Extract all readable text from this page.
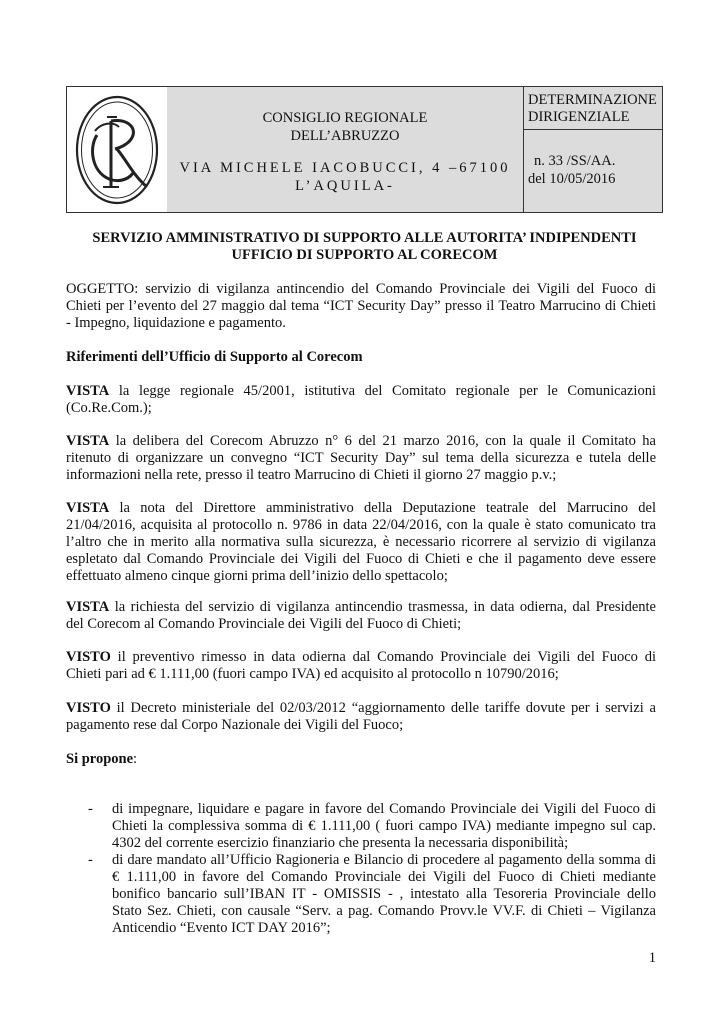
CONSIGLIO REGIONALE
DELL’ABRUZZO
VIA MICHELE IACOBUCCI, 4 –67100
L’AQUILA-
DETERMINAZIONE
DIRIGENZIALE
n. 33 /SS/AA.
del 10/05/2016
SERVIZIO AMMINISTRATIVO DI SUPPORTO ALLE AUTORITA’ INDIPENDENTI
UFFICIO DI SUPPORTO AL CORECOM
OGGETTO: servizio di vigilanza antincendio del Comando Provinciale dei Vigili del Fuoco di
Chieti per l’evento del 27 maggio dal tema “ICT Security Day” presso il Teatro Marrucino di Chieti
- Impegno, liquidazione e pagamento.
Riferimenti dell’Ufficio di Supporto al Corecom
VISTA la legge regionale 45/2001, istitutiva del Comitato regionale per le Comunicazioni
(Co.Re.Com.);
VISTA la delibera del Corecom Abruzzo n° 6 del 21 marzo 2016, con la quale il Comitato ha
ritenuto di organizzare un convegno “ICT Security Day” sul tema della sicurezza e tutela delle
informazioni nella rete, presso il teatro Marrucino di Chieti il giorno 27 maggio p.v.;
VISTA la nota del Direttore amministrativo della Deputazione teatrale del Marrucino del
21/04/2016, acquisita al protocollo n. 9786 in data 22/04/2016, con la quale è stato comunicato tra
l’altro che in merito alla normativa sulla sicurezza, è necessario ricorrere al servizio di vigilanza
espletato dal Comando Provinciale dei Vigili del Fuoco di Chieti e che il pagamento deve essere
effettuato almeno cinque giorni prima dell’inizio dello spettacolo;
VISTA la richiesta del servizio di vigilanza antincendio trasmessa, in data odierna, dal Presidente
del Corecom al Comando Provinciale dei Vigili del Fuoco di Chieti;
VISTO il preventivo rimesso in data odierna dal Comando Provinciale dei Vigili del Fuoco di
Chieti pari ad € 1.111,00 (fuori campo IVA) ed acquisito al protocollo n 10790/2016;
VISTO il Decreto ministeriale del 02/03/2012 “aggiornamento delle tariffe dovute per i servizi a
pagamento rese dal Corpo Nazionale dei Vigili del Fuoco;
Si propone:
- di impegnare, liquidare e pagare in favore del Comando Provinciale dei Vigili del Fuoco di
Chieti la complessiva somma di € 1.111,00 ( fuori campo IVA) mediante impegno sul cap.
4302 del corrente esercizio finanziario che presenta la necessaria disponibilità;
- di dare mandato all’Ufficio Ragioneria e Bilancio di procedere al pagamento della somma di
€ 1.111,00 in favore del Comando Provinciale dei Vigili del Fuoco di Chieti mediante
bonifico bancario sull’IBAN IT - OMISSIS - , intestato alla Tesoreria Provinciale dello
Stato Sez. Chieti, con causale “Serv. a pag. Comando Provv.le VV.F. di Chieti – Vigilanza
Anticendio “Evento ICT DAY 2016”;
1
